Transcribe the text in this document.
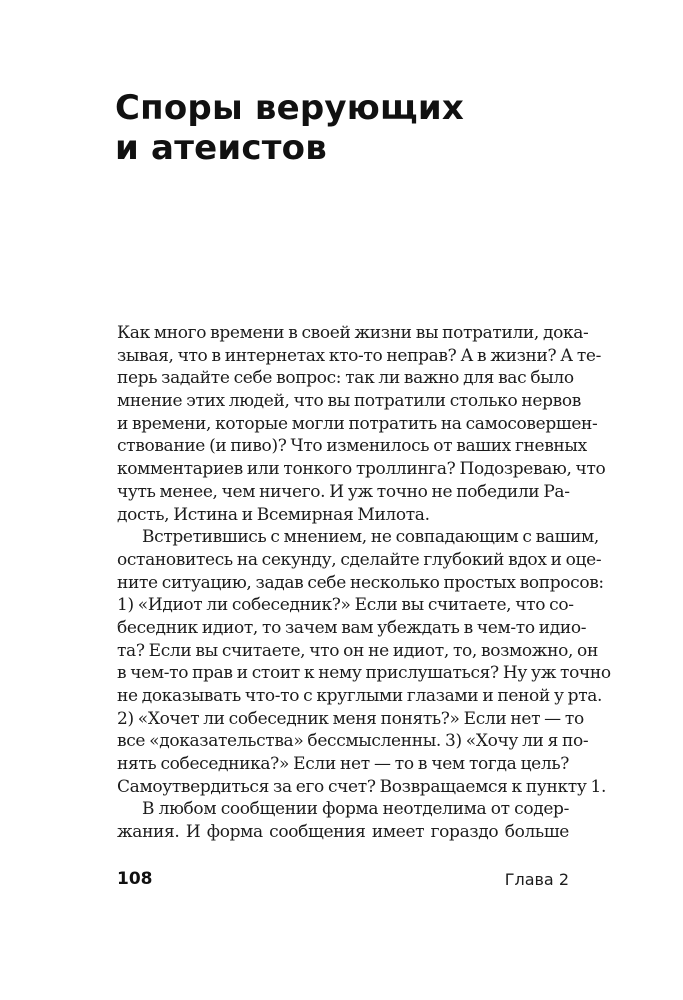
Споры верующих
и атеистов
Как много времени в своей жизни вы потратили, дока-
зывая, что в интернетах кто-то неправ? А в жизни? А те-
перь задайте себе вопрос: так ли важно для вас было
мнение этих людей, что вы потратили столько нервов
и времени, которые могли потратить на самосовершен-
ствование (и пиво)? Что изменилось от ваших гневных
комментариев или тонкого троллинга? Подозреваю, что
чуть менее, чем ничего. И уж точно не победили Ра-
дость, Истина и Всемирная Милота.
Встретившись с мнением, не совпадающим с вашим,
остановитесь на секунду, сделайте глубокий вдох и оце-
ните ситуацию, задав себе несколько простых вопросов:
1) «Идиот ли собеседник?» Если вы считаете, что со-
беседник идиот, то зачем вам убеждать в чем-то идио-
та? Если вы считаете, что он не идиот, то, возможно, он
в чем-то прав и стоит к нему прислушаться? Ну уж точно
не доказывать что-то с круглыми глазами и пеной у рта.
2) «Хочет ли собеседник меня понять?» Если нет — то
все «доказательства» бессмысленны. 3) «Хочу ли я по-
нять собеседника?» Если нет — то в чем тогда цель?
Самоутвердиться за его счет? Возвращаемся к пункту 1.
В любом сообщении форма неотделима от содер-
жания. И форма сообщения имеет гораздо больше
108	Глава 2
